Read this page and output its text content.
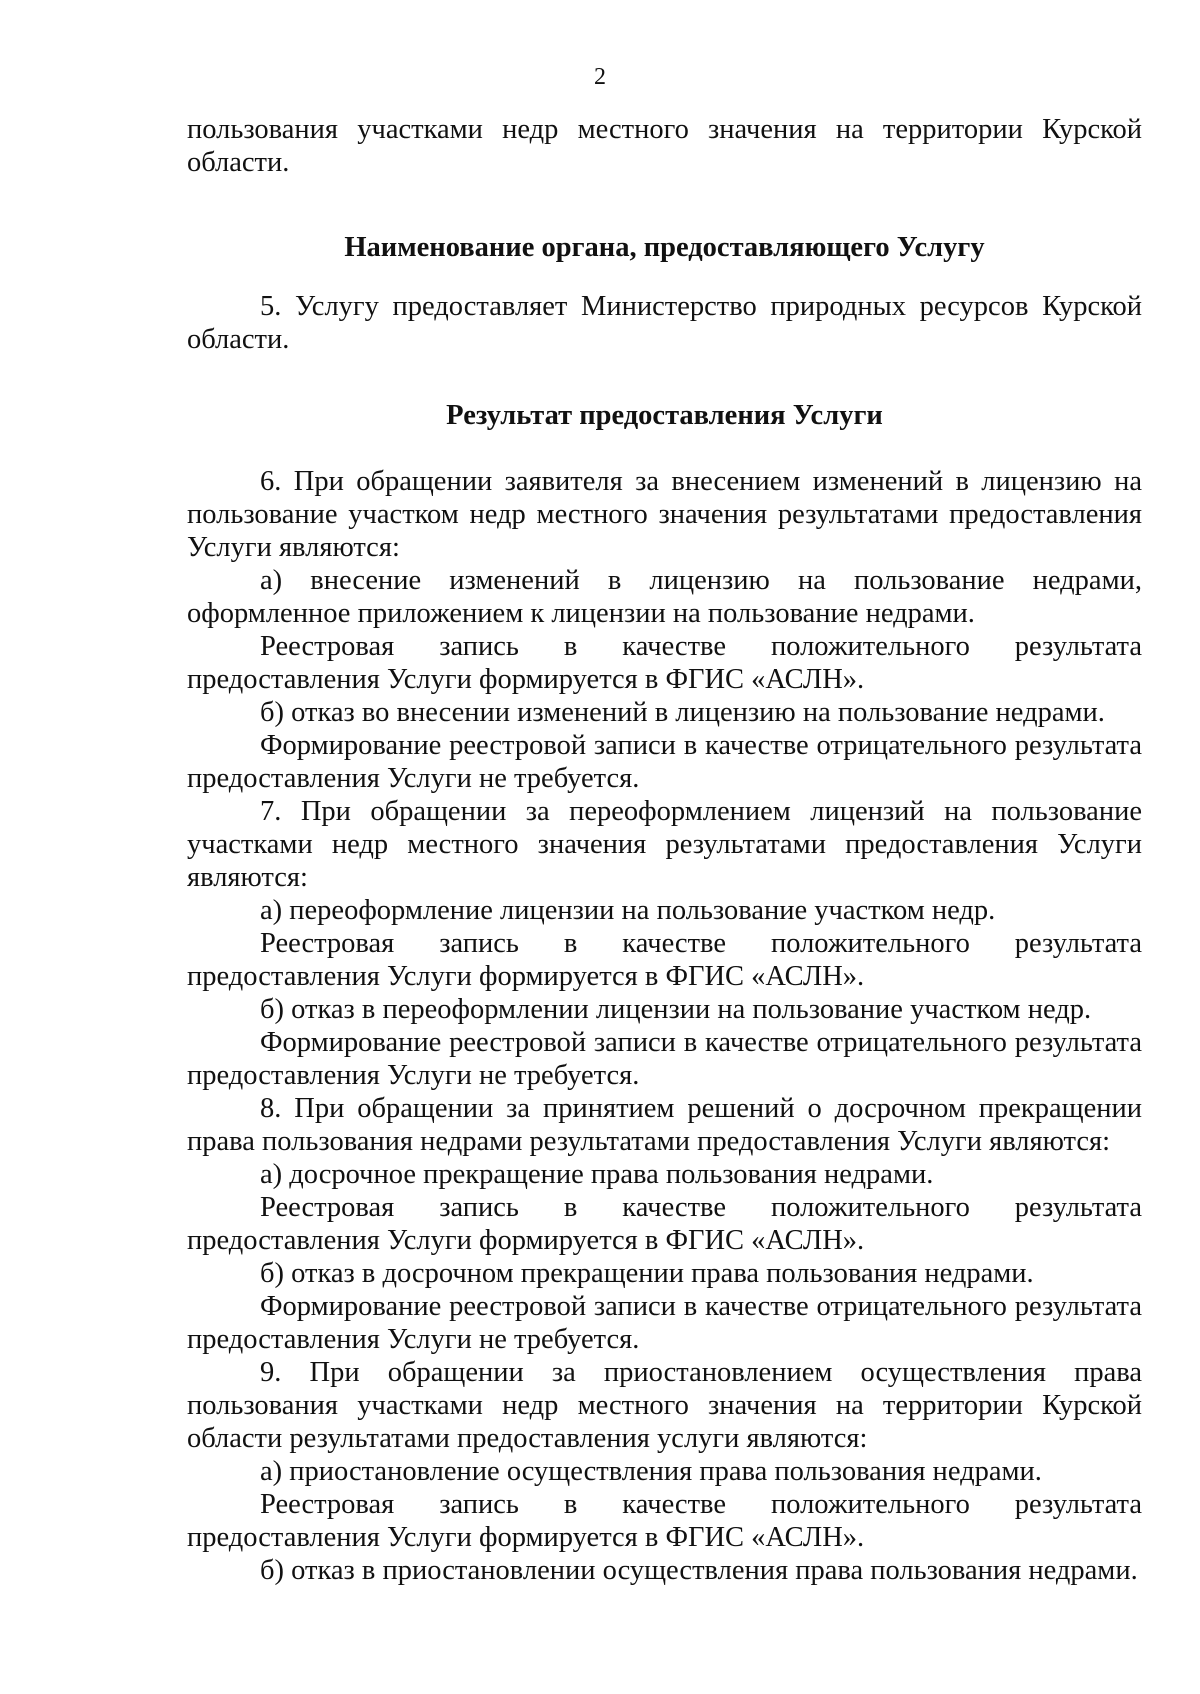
2

пользования участками недр местного значения на территории Курской области.

Наименование органа, предоставляющего Услугу

5. Услугу предоставляет Министерство природных ресурсов Курской области.

Результат предоставления Услуги

6. При обращении заявителя за внесением изменений в лицензию на пользование участком недр местного значения результатами предоставления Услуги являются:

а) внесение изменений в лицензию на пользование недрами, оформленное приложением к лицензии на пользование недрами.

Реестровая запись в качестве положительного результата предоставления Услуги формируется в ФГИС «АСЛН».

б) отказ во внесении изменений в лицензию на пользование недрами.

Формирование реестровой записи в качестве отрицательного результата предоставления Услуги не требуется.

7. При обращении за переоформлением лицензий на пользование участками недр местного значения результатами предоставления Услуги являются:

а) переоформление лицензии на пользование участком недр.

Реестровая запись в качестве положительного результата предоставления Услуги формируется в ФГИС «АСЛН».

б) отказ в переоформлении лицензии на пользование участком недр.

Формирование реестровой записи в качестве отрицательного результата предоставления Услуги не требуется.

8. При обращении за принятием решений о досрочном прекращении права пользования недрами результатами предоставления Услуги являются:

а) досрочное прекращение права пользования недрами.

Реестровая запись в качестве положительного результата предоставления Услуги формируется в ФГИС «АСЛН».

б) отказ в досрочном прекращении права пользования недрами.

Формирование реестровой записи в качестве отрицательного результата предоставления Услуги не требуется.

9. При обращении за приостановлением осуществления права пользования участками недр местного значения на территории Курской области результатами предоставления услуги являются:

а) приостановление осуществления права пользования недрами.

Реестровая запись в качестве положительного результата предоставления Услуги формируется в ФГИС «АСЛН».

б) отказ в приостановлении осуществления права пользования недрами.
